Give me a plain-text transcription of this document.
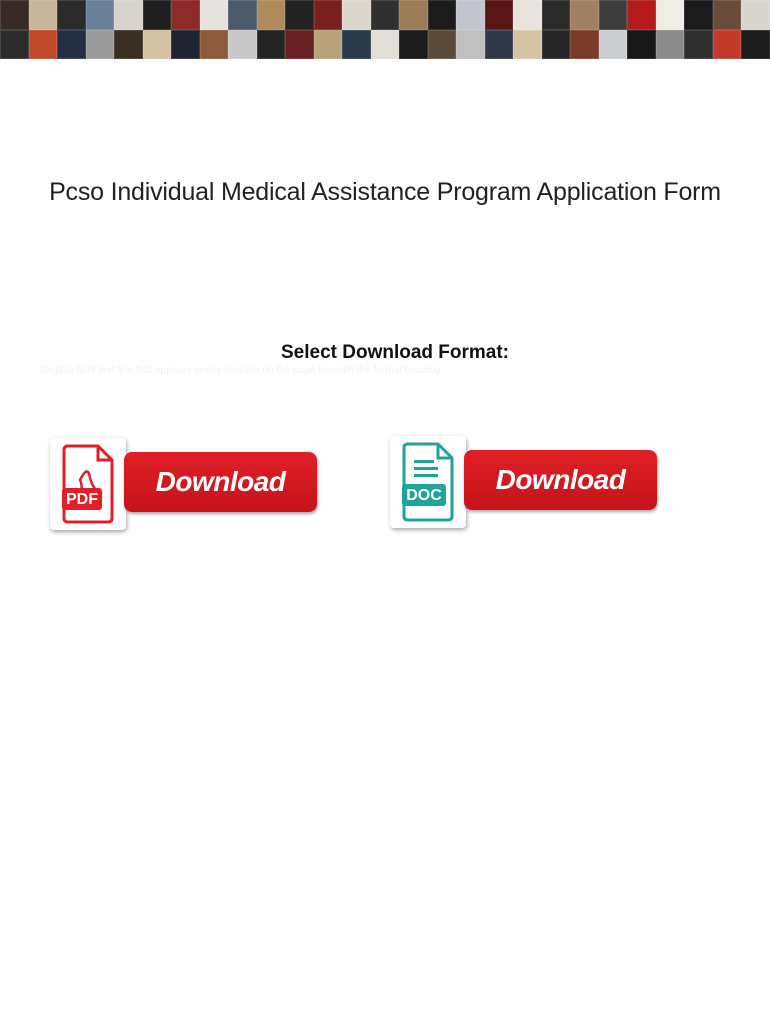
Pcso Individual Medical Assistance Program Application Form
Select Download Format:
Illegible faint text line that appears nearly invisible on the page beneath the format heading
PDF
Download	DOC
Download
